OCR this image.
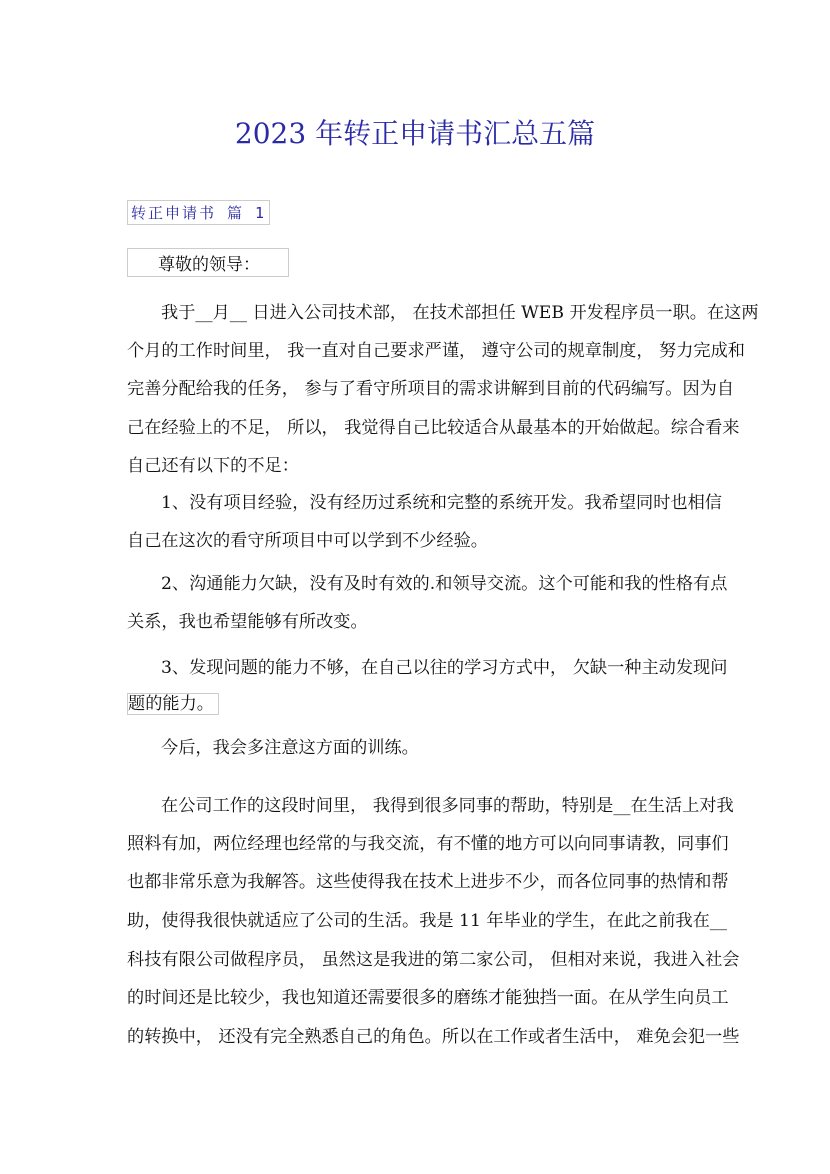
2023 年转正申请书汇总五篇
转正申请书 篇 1
尊敬的领导：
我于__月__ 日进入公司技术部， 在技术部担任 WEB 开发程序员一职。在这两
个月的工作时间里， 我一直对自己要求严谨， 遵守公司的规章制度， 努力完成和
完善分配给我的任务， 参与了看守所项目的需求讲解到目前的代码编写。因为自
己在经验上的不足， 所以， 我觉得自己比较适合从最基本的开始做起。综合看来
自己还有以下的不足：
1、没有项目经验，没有经历过系统和完整的系统开发。我希望同时也相信
自己在这次的看守所项目中可以学到不少经验。
2、沟通能力欠缺，没有及时有效的.和领导交流。这个可能和我的性格有点
关系，我也希望能够有所改变。
3、发现问题的能力不够，在自己以往的学习方式中， 欠缺一种主动发现问
题的能力。
今后，我会多注意这方面的训练。
在公司工作的这段时间里， 我得到很多同事的帮助，特别是__在生活上对我
照料有加，两位经理也经常的与我交流，有不懂的地方可以向同事请教，同事们
也都非常乐意为我解答。这些使得我在技术上进步不少，而各位同事的热情和帮
助，使得我很快就适应了公司的生活。我是 11 年毕业的学生，在此之前我在__
科技有限公司做程序员， 虽然这是我进的第二家公司， 但相对来说，我进入社会
的时间还是比较少，我也知道还需要很多的磨练才能独挡一面。在从学生向员工
的转换中， 还没有完全熟悉自己的角色。所以在工作或者生活中， 难免会犯一些
